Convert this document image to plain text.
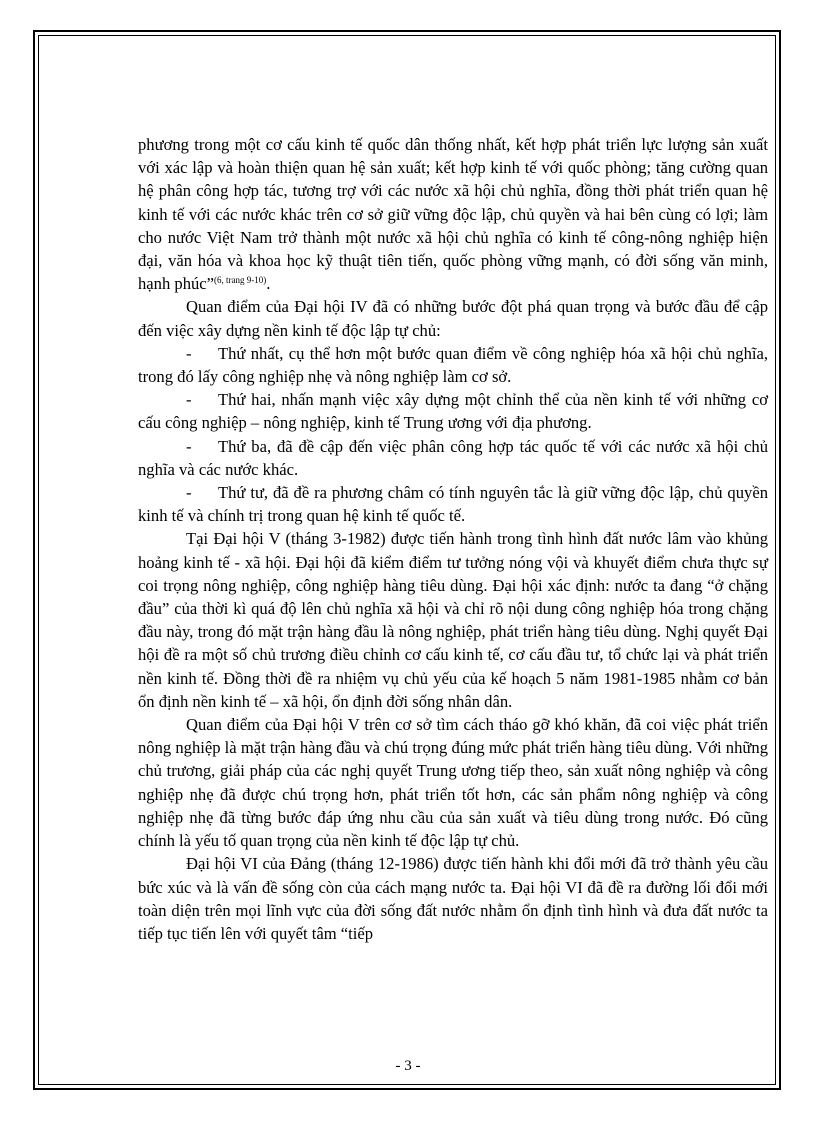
phương trong một cơ cấu kinh tế quốc dân thống nhất, kết hợp phát triển lực lượng sản xuất với xác lập và hoàn thiện quan hệ sản xuất; kết hợp kinh tế với quốc phòng; tăng cường quan hệ phân công hợp tác, tương trợ với các nước xã hội chủ nghĩa, đồng thời phát triển quan hệ kinh tế với các nước khác trên cơ sở giữ vững độc lập, chủ quyền và hai bên cùng có lợi; làm cho nước Việt Nam trở thành một nước xã hội chủ nghĩa có kinh tế công-nông nghiệp hiện đại, văn hóa và khoa học kỹ thuật tiên tiến, quốc phòng vững mạnh, có đời sống văn minh, hạnh phúc”$^{(6, trang 9-10)}$.

Quan điểm của Đại hội IV đã có những bước đột phá quan trọng và bước đầu để cập đến việc xây dựng nền kinh tế độc lập tự chủ:

- Thứ nhất, cụ thể hơn một bước quan điểm về công nghiệp hóa xã hội chủ nghĩa, trong đó lấy công nghiệp nhẹ và nông nghiệp làm cơ sở.

- Thứ hai, nhấn mạnh việc xây dựng một chỉnh thể của nền kinh tế với những cơ cấu công nghiệp – nông nghiệp, kinh tế Trung ương với địa phương.

- Thứ ba, đã đề cập đến việc phân công hợp tác quốc tế với các nước xã hội chủ nghĩa và các nước khác.

- Thứ tư, đã đề ra phương châm có tính nguyên tắc là giữ vững độc lập, chủ quyền kinh tế và chính trị trong quan hệ kinh tế quốc tế.

Tại Đại hội V (tháng 3-1982) được tiến hành trong tình hình đất nước lâm vào khủng hoảng kinh tế - xã hội. Đại hội đã kiểm điểm tư tưởng nóng vội và khuyết điểm chưa thực sự coi trọng nông nghiệp, công nghiệp hàng tiêu dùng. Đại hội xác định: nước ta đang “ở chặng đầu” của thời kì quá độ lên chủ nghĩa xã hội và chỉ rõ nội dung công nghiệp hóa trong chặng đầu này, trong đó mặt trận hàng đầu là nông nghiệp, phát triển hàng tiêu dùng. Nghị quyết Đại hội đề ra một số chủ trương điều chỉnh cơ cấu kinh tế, cơ cấu đầu tư, tổ chức lại và phát triển nền kinh tế. Đồng thời đề ra nhiệm vụ chủ yếu của kế hoạch 5 năm 1981-1985 nhằm cơ bản ổn định nền kinh tế – xã hội, ổn định đời sống nhân dân.

Quan điểm của Đại hội V trên cơ sở tìm cách tháo gỡ khó khăn, đã coi việc phát triển nông nghiệp là mặt trận hàng đầu và chú trọng đúng mức phát triển hàng tiêu dùng. Với những chủ trương, giải pháp của các nghị quyết Trung ương tiếp theo, sản xuất nông nghiệp và công nghiệp nhẹ đã được chú trọng hơn, phát triển tốt hơn, các sản phẩm nông nghiệp và công nghiệp nhẹ đã từng bước đáp ứng nhu cầu của sản xuất và tiêu dùng trong nước. Đó cũng chính là yếu tố quan trọng của nền kinh tế độc lập tự chủ.

Đại hội VI của Đảng (tháng 12-1986) được tiến hành khi đổi mới đã trở thành yêu cầu bức xúc và là vấn đề sống còn của cách mạng nước ta. Đại hội VI đã đề ra đường lối đổi mới toàn diện trên mọi lĩnh vực của đời sống đất nước nhằm ổn định tình hình và đưa đất nước ta tiếp tục tiến lên với quyết tâm “tiếp

- 3 -
